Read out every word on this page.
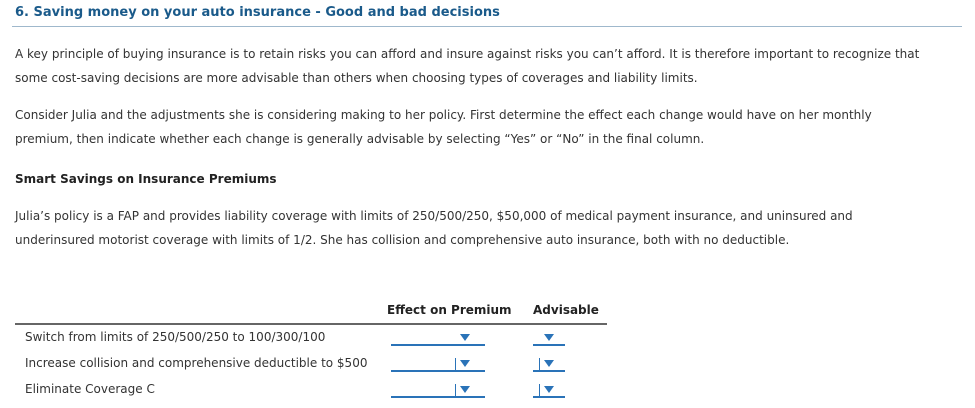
6. Saving money on your auto insurance - Good and bad decisions
A key principle of buying insurance is to retain risks you can afford and insure against risks you can’t afford. It is therefore important to recognize that
some cost-saving decisions are more advisable than others when choosing types of coverages and liability limits.
Consider Julia and the adjustments she is considering making to her policy. First determine the effect each change would have on her monthly
premium, then indicate whether each change is generally advisable by selecting “Yes” or “No” in the final column.
Smart Savings on Insurance Premiums
Julia’s policy is a FAP and provides liability coverage with limits of 250/500/250, $50,000 of medical payment insurance, and uninsured and
underinsured motorist coverage with limits of 1/2. She has collision and comprehensive auto insurance, both with no deductible.
Effect on Premium Advisable
Switch from limits of 250/500/250 to 100/300/100
Increase collision and comprehensive deductible to $500
Eliminate Coverage C
